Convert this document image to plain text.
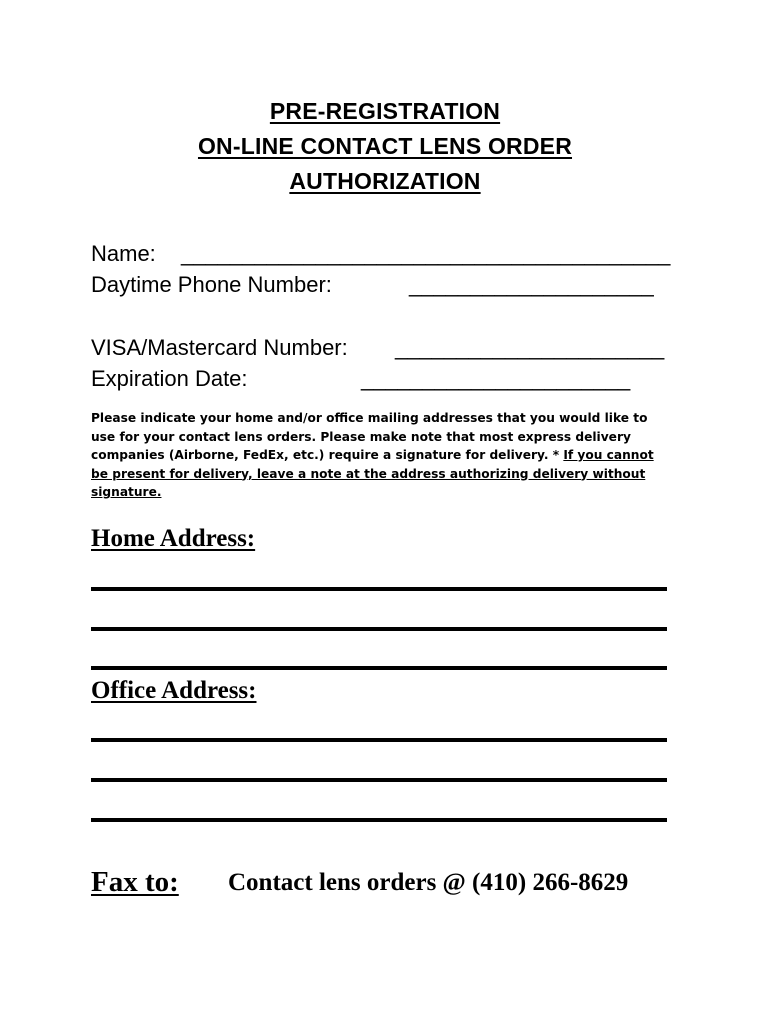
PRE-REGISTRATION
ON-LINE CONTACT LENS ORDER
AUTHORIZATION
Name: ________________________________________
Daytime Phone Number:	____________________
VISA/Mastercard Number: ______________________
Expiration Date:	______________________
Please indicate your home and/or office mailing addresses that you would like to use for your contact lens orders. Please make note that most express delivery companies (Airborne, FedEx, etc.) require a signature for delivery. * If you cannot be present for delivery, leave a note at the address authorizing delivery without signature.
Home Address:
Office Address:
Fax to: Contact lens orders @ (410) 266-8629
